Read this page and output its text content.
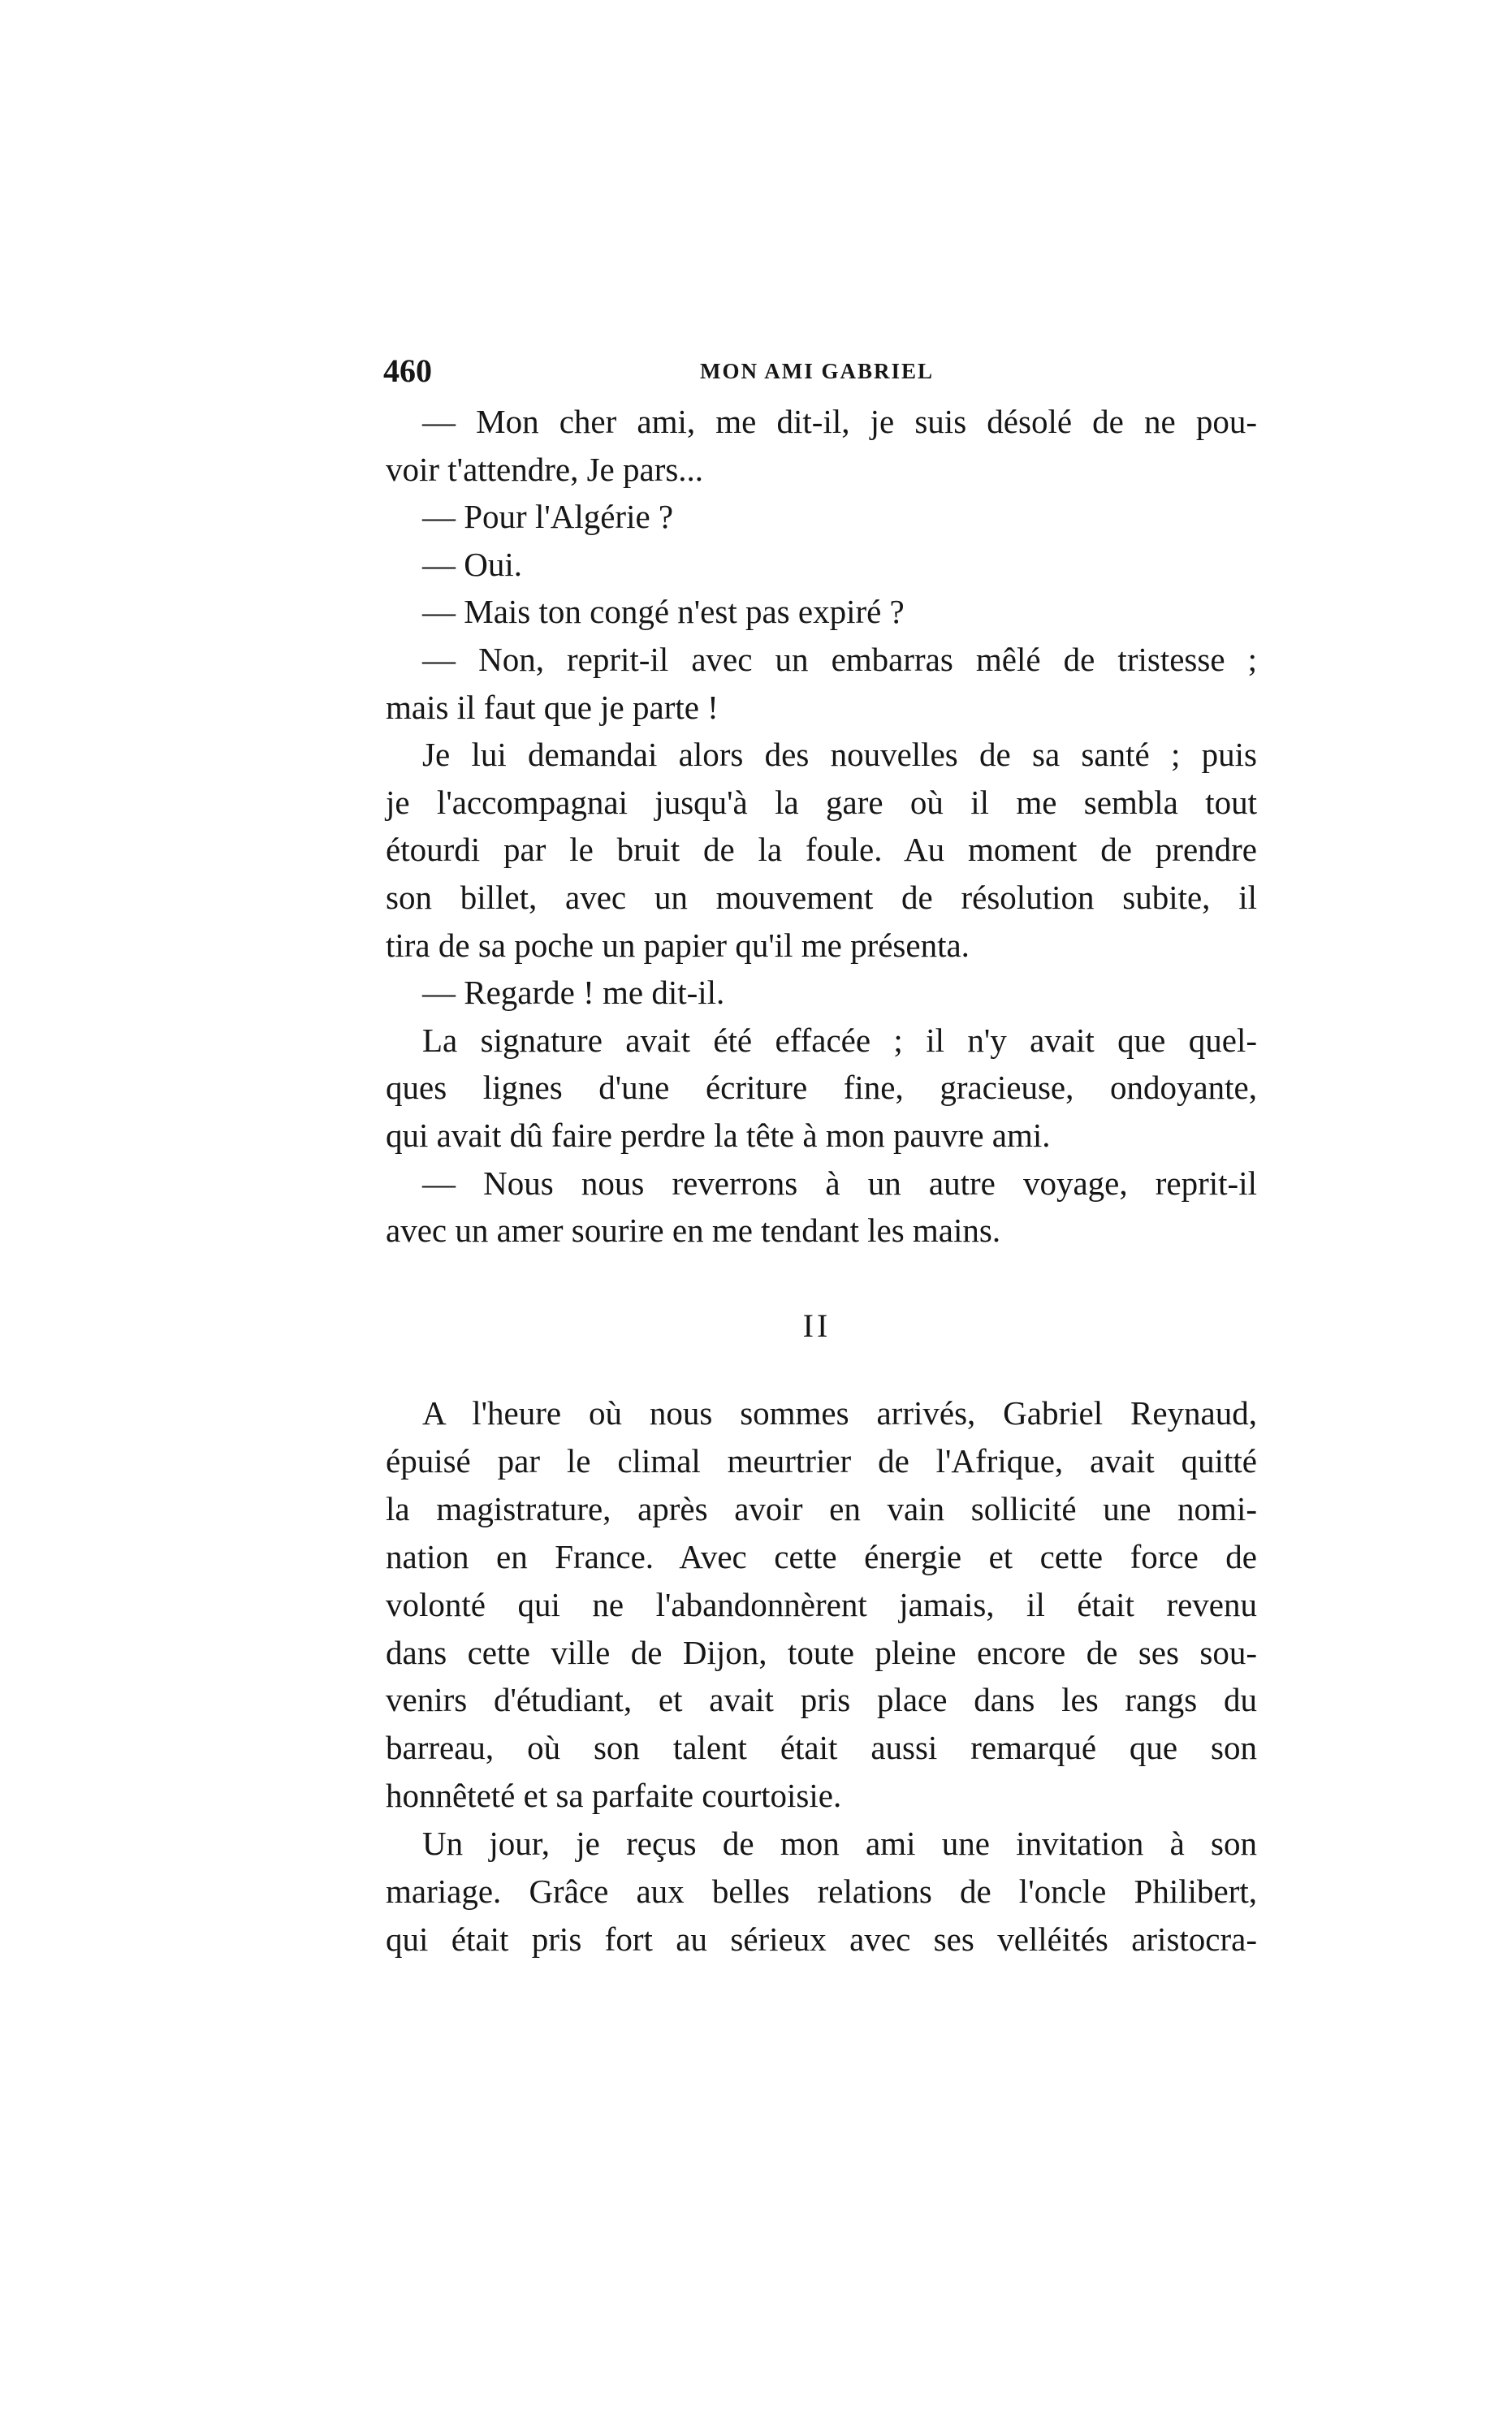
460	MON AMI GABRIEL
— Mon cher ami, me dit-il, je suis désolé de ne pou-
voir t'attendre, Je pars...
— Pour l'Algérie ?
— Oui.
— Mais ton congé n'est pas expiré ?
— Non, reprit-il avec un embarras mêlé de tristesse ;
mais il faut que je parte !
Je lui demandai alors des nouvelles de sa santé ; puis
je l'accompagnai jusqu'à la gare où il me sembla tout
étourdi par le bruit de la foule. Au moment de prendre
son billet, avec un mouvement de résolution subite, il
tira de sa poche un papier qu'il me présenta.
— Regarde ! me dit-il.
La signature avait été effacée ; il n'y avait que quel-
ques lignes d'une écriture fine, gracieuse, ondoyante,
qui avait dû faire perdre la tête à mon pauvre ami.
— Nous nous reverrons à un autre voyage, reprit-il
avec un amer sourire en me tendant les mains.
II
A l'heure où nous sommes arrivés, Gabriel Reynaud,
épuisé par le climal meurtrier de l'Afrique, avait quitté
la magistrature, après avoir en vain sollicité une nomi-
nation en France. Avec cette énergie et cette force de
volonté qui ne l'abandonnèrent jamais, il était revenu
dans cette ville de Dijon, toute pleine encore de ses sou-
venirs d'étudiant, et avait pris place dans les rangs du
barreau, où son talent était aussi remarqué que son
honnêteté et sa parfaite courtoisie.
Un jour, je reçus de mon ami une invitation à son
mariage. Grâce aux belles relations de l'oncle Philibert,
qui était pris fort au sérieux avec ses velléités aristocra-
